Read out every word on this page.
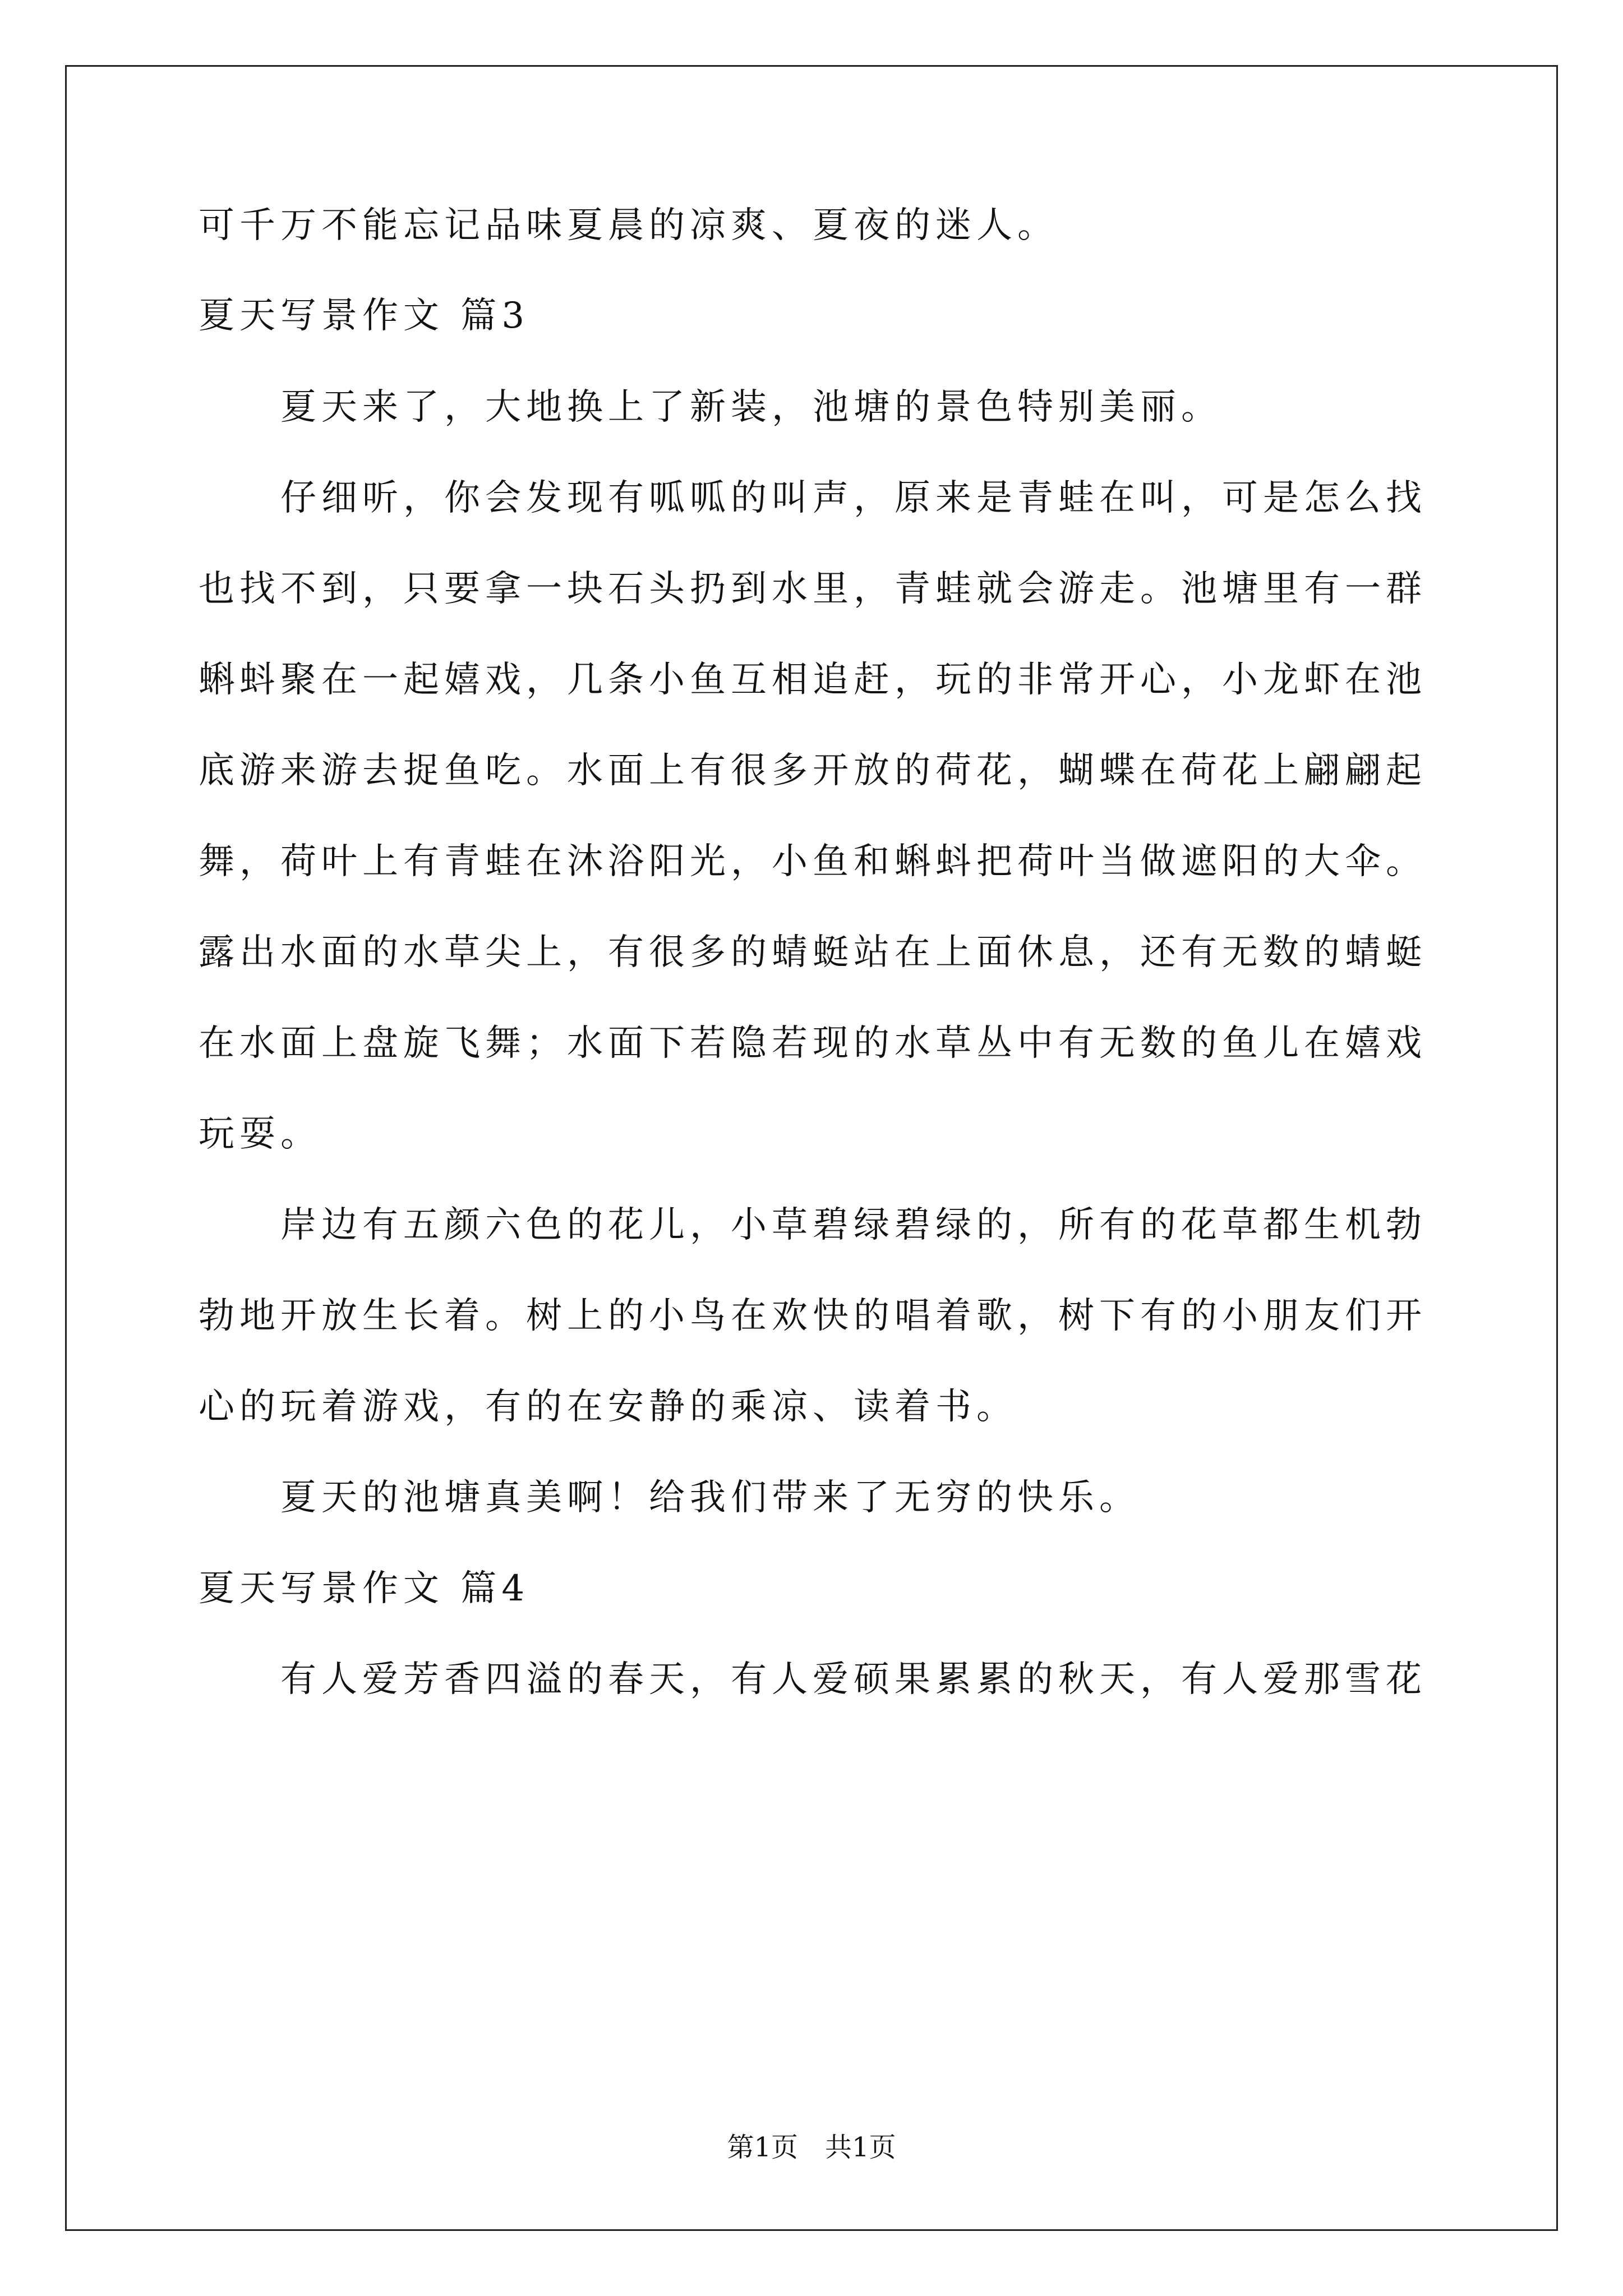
可千万不能忘记品味夏晨的凉爽、夏夜的迷人。

夏天写景作文 篇3

　　夏天来了，大地换上了新装，池塘的景色特别美丽。

　　仔细听，你会发现有呱呱的叫声，原来是青蛙在叫，可是怎么找

也找不到，只要拿一块石头扔到水里，青蛙就会游走。池塘里有一群

蝌蚪聚在一起嬉戏，几条小鱼互相追赶，玩的非常开心，小龙虾在池

底游来游去捉鱼吃。水面上有很多开放的荷花，蝴蝶在荷花上翩翩起

舞，荷叶上有青蛙在沐浴阳光，小鱼和蝌蚪把荷叶当做遮阳的大伞。

露出水面的水草尖上，有很多的蜻蜓站在上面休息，还有无数的蜻蜓

在水面上盘旋飞舞；水面下若隐若现的水草丛中有无数的鱼儿在嬉戏

玩耍。

　　岸边有五颜六色的花儿，小草碧绿碧绿的，所有的花草都生机勃

勃地开放生长着。树上的小鸟在欢快的唱着歌，树下有的小朋友们开

心的玩着游戏，有的在安静的乘凉、读着书。

　　夏天的池塘真美啊！给我们带来了无穷的快乐。

夏天写景作文 篇4

　　有人爱芳香四溢的春天，有人爱硕果累累的秋天，有人爱那雪花

第1页　共1页
